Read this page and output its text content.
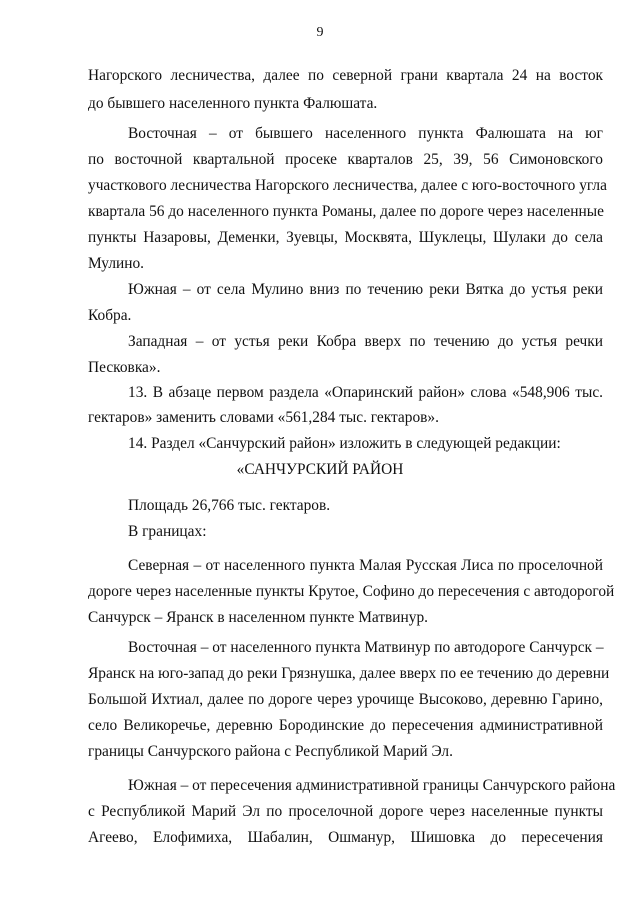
9
Нагорского лесничества, далее по северной грани квартала 24 на восток
до бывшего населенного пункта Фалюшата.
Восточная – от бывшего населенного пункта Фалюшата на юг
по восточной квартальной просеке кварталов 25, 39, 56 Симоновского
участкового лесничества Нагорского лесничества, далее с юго-восточного угла
квартала 56 до населенного пункта Романы, далее по дороге через населенные
пункты Назаровы, Деменки, Зуевцы, Москвята, Шуклецы, Шулаки до села
Мулино.
Южная – от села Мулино вниз по течению реки Вятка до устья реки
Кобра.
Западная – от устья реки Кобра вверх по течению до устья речки
Песковка».
13. В абзаце первом раздела «Опаринский район» слова «548,906 тыс.
гектаров» заменить словами «561,284 тыс. гектаров».
14. Раздел «Санчурский район» изложить в следующей редакции:
«САНЧУРСКИЙ РАЙОН
Площадь 26,766 тыс. гектаров.
В границах:
Северная – от населенного пункта Малая Русская Лиса по проселочной
дороге через населенные пункты Крутое, Софино до пересечения с автодорогой
Санчурск – Яранск в населенном пункте Матвинур.
Восточная – от населенного пункта Матвинур по автодороге Санчурск –
Яранск на юго-запад до реки Грязнушка, далее вверх по ее течению до деревни
Большой Ихтиал, далее по дороге через урочище Высоково, деревню Гарино,
село Великоречье, деревню Бородинские до пересечения административной
границы Санчурского района с Республикой Марий Эл.
Южная – от пересечения административной границы Санчурского района
с Республикой Марий Эл по проселочной дороге через населенные пункты
Агеево, Елофимиха, Шабалин, Ошманур, Шишовка до пересечения
